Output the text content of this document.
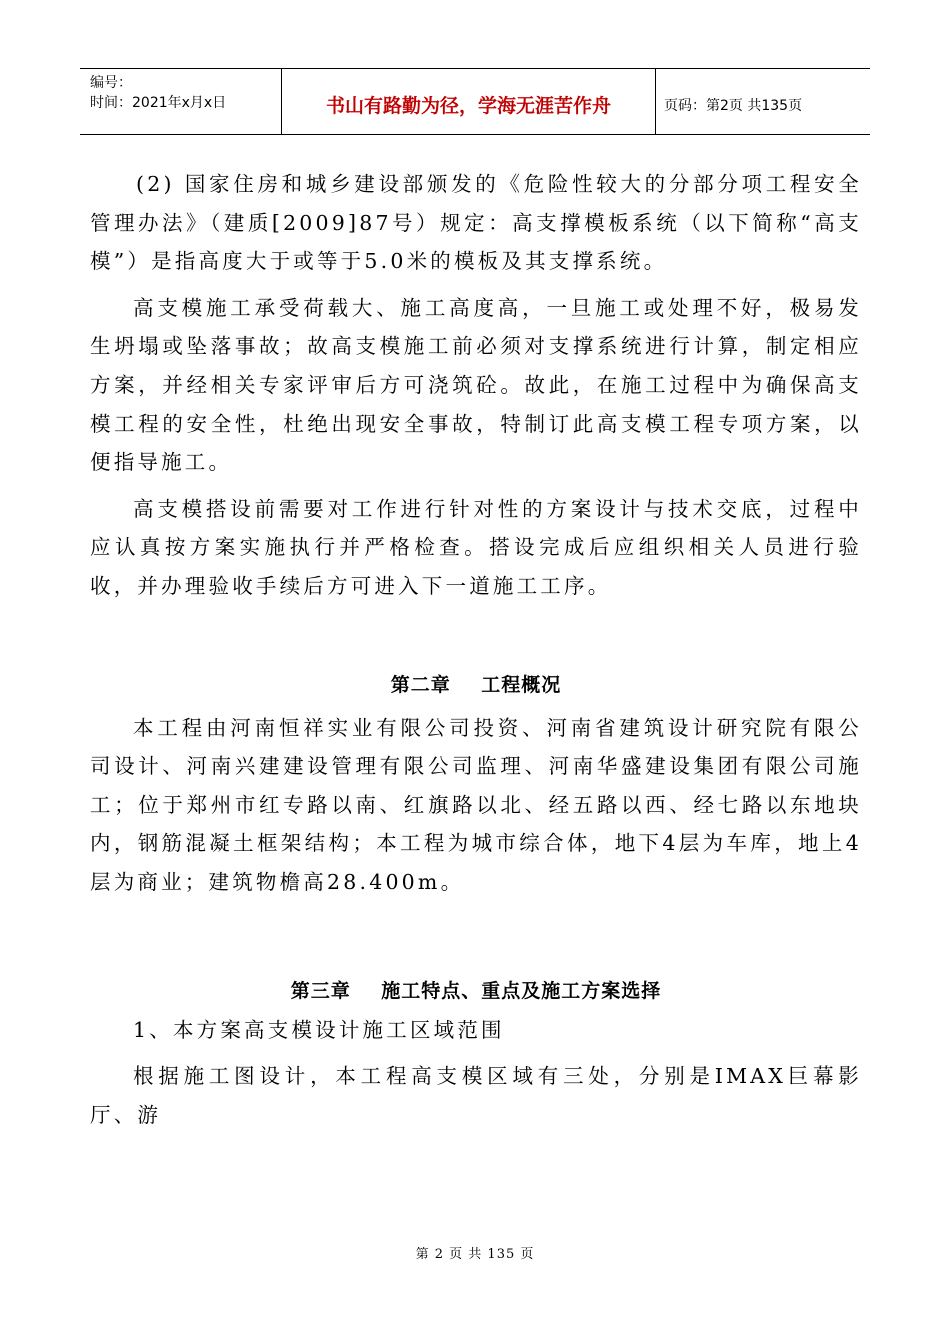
编号：
时间：2021年x月x日	书山有路勤为径，学海无涯苦作舟	页码：第2页 共135页

(2) 国家住房和城乡建设部颁发的《危险性较大的分部分项工程安全管理办法》（建质[2009]87号）规定：高支撑模板系统（以下简称“高支模”）是指高度大于或等于5.0米的模板及其支撑系统。

高支模施工承受荷载大、施工高度高，一旦施工或处理不好，极易发生坍塌或坠落事故；故高支模施工前必须对支撑系统进行计算，制定相应方案，并经相关专家评审后方可浇筑砼。故此，在施工过程中为确保高支模工程的安全性，杜绝出现安全事故，特制订此高支模工程专项方案，以便指导施工。

高支模搭设前需要对工作进行针对性的方案设计与技术交底，过程中应认真按方案实施执行并严格检查。搭设完成后应组织相关人员进行验收，并办理验收手续后方可进入下一道施工工序。

第二章    工程概况

本工程由河南恒祥实业有限公司投资、河南省建筑设计研究院有限公司设计、河南兴建建设管理有限公司监理、河南华盛建设集团有限公司施工；位于郑州市红专路以南、红旗路以北、经五路以西、经七路以东地块内，钢筋混凝土框架结构；本工程为城市综合体，地下4层为车库，地上4层为商业；建筑物檐高28.400m。

第三章    施工特点、重点及施工方案选择

1、本方案高支模设计施工区域范围

根据施工图设计，本工程高支模区域有三处，分别是IMAX巨幕影厅、游

第 2 页 共 135 页
